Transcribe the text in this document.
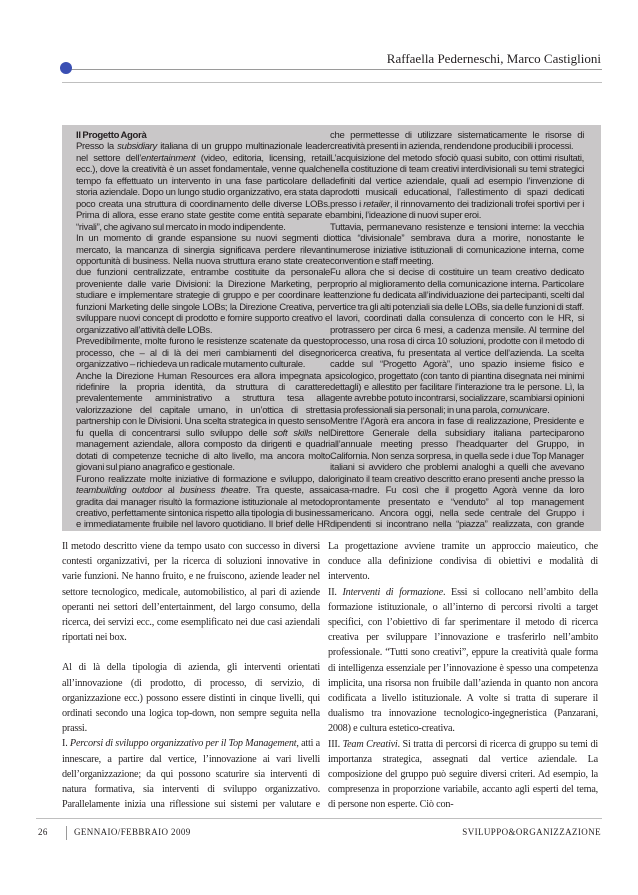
Raffaella Pederneschi, Marco Castiglioni

Il Progetto Agorà

Presso la subsidiary italiana di un gruppo multinazionale leader nel settore dell’entertainment (video, editoria, licensing, retail ecc.), dove la creatività è un asset fondamentale, venne qualche tempo fa effettuato un intervento in una fase particolare della storia aziendale. Dopo un lungo studio organizzativo, era stata da poco creata una struttura di coordinamento delle diverse LOBs. Prima di allora, esse erano state gestite come entità separate e “rivali”, che agivano sul mercato in modo indipendente.

In un momento di grande espansione su nuovi segmenti di mercato, la mancanza di sinergia significava perdere rilevanti opportunità di business. Nella nuova struttura erano state create due funzioni centralizzate, entrambe costituite da personale proveniente dalle varie Divisioni: la Direzione Marketing, per studiare e implementare strategie di gruppo e per coordinare le funzioni Marketing delle singole LOBs; la Direzione Creativa, per sviluppare nuovi concept di prodotto e fornire supporto creativo e organizzativo all’attività delle LOBs.

Prevedibilmente, molte furono le resistenze scatenate da questo processo, che – al di là dei meri cambiamenti del disegno organizzativo – richiedeva un radicale mutamento culturale.

Anche la Direzione Human Resources era allora impegnata a ridefinire la propria identità, da struttura di carattere prevalentemente amministrativo a struttura tesa alla valorizzazione del capitale umano, in un’ottica di stretta partnership con le Divisioni. Una scelta strategica in questo senso fu quella di concentrarsi sullo sviluppo delle soft skills nel management aziendale, allora composto da dirigenti e quadri dotati di competenze tecniche di alto livello, ma ancora molto giovani sul piano anagrafico e gestionale.

Furono realizzate molte iniziative di formazione e sviluppo, dal teambuilding outdoor al business theatre. Tra queste, assai gradita dai manager risultò la formazione istituzionale al metodo creativo, perfettamente sintonica rispetto alla tipologia di business e immediatamente fruibile nel lavoro quotidiano. Il brief delle HR

che permettesse di utilizzare sistematicamente le risorse di creatività presenti in azienda, rendendone producibili i processi.

L’acquisizione del metodo sfociò quasi subito, con ottimi risultati, nella costituzione di team creativi interdivisionali su temi strategici definiti dal vertice aziendale, quali ad esempio l’invenzione di prodotti musicali educational, l’allestimento di spazi dedicati presso i retailer, il rinnovamento dei tradizionali trofei sportivi per i bambini, l’ideazione di nuovi super eroi.

Tuttavia, permanevano resistenze e tensioni interne: la vecchia ottica “divisionale” sembrava dura a morire, nonostante le numerose iniziative istituzionali di comunicazione interna, come convention e staff meeting.

Fu allora che si decise di costituire un team creativo dedicato proprio al miglioramento della comunicazione interna. Particolare attenzione fu dedicata all’individuazione dei partecipanti, scelti dal vertice tra gli alti potenziali sia delle LOBs, sia delle funzioni di staff.

I lavori, coordinati dalla consulenza di concerto con le HR, si protrassero per circa 6 mesi, a cadenza mensile. Al termine del processo, una rosa di circa 10 soluzioni, prodotte con il metodo di ricerca creativa, fu presentata al vertice dell’azienda. La scelta cadde sul “Progetto Agorà”, uno spazio insieme fisico e psicologico, progettato (con tanto di piantina disegnata nei minimi dettagli) e allestito per facilitare l’interazione tra le persone. Lì, la gente avrebbe potuto incontrarsi, socializzare, scambiarsi opinioni sia professionali sia personali; in una parola, comunicare.

Mentre l’Agorà era ancora in fase di realizzazione, Presidente e Direttore Generale della subsidiary italiana parteciparono all’annuale meeting presso l’headquarter del Gruppo, in California. Non senza sorpresa, in quella sede i due Top Manager italiani si avvidero che problemi analoghi a quelli che avevano originato il team creativo descritto erano presenti anche presso la casa-madre. Fu così che il progetto Agorà venne da loro prontamente presentato e “venduto” al top management americano. Ancora oggi, nella sede centrale del Gruppo i dipendenti si incontrano nella “piazza” realizzata, con grande

Il metodo descritto viene da tempo usato con successo in diversi contesti organizzativi, per la ricerca di soluzioni innovative in varie funzioni. Ne hanno fruito, e ne fruiscono, aziende leader nel settore tecnologico, medicale, automobilistico, al pari di aziende operanti nei settori dell’entertainment, del largo consumo, della ricerca, dei servizi ecc., come esemplificato nei due casi aziendali riportati nei box.

Al di là della tipologia di azienda, gli interventi orientati all’innovazione (di prodotto, di processo, di servizio, di organizzazione ecc.) possono essere distinti in cinque livelli, qui ordinati secondo una logica top-down, non sempre seguita nella prassi.

I. Percorsi di sviluppo organizzativo per il Top Management, atti a innescare, a partire dal vertice, l’innovazione ai vari livelli dell’organizzazione; da qui possono scaturire sia interventi di natura formativa, sia interventi di sviluppo organizzativo. Parallelamente inizia una riflessione sui sistemi per valutare e

La progettazione avviene tramite un approccio maieutico, che conduce alla definizione condivisa di obiettivi e modalità di intervento.

II. Interventi di formazione. Essi si collocano nell’ambito della formazione istituzionale, o all’interno di percorsi rivolti a target specifici, con l’obiettivo di far sperimentare il metodo di ricerca creativa per sviluppare l’innovazione e trasferirlo nell’ambito professionale. “Tutti sono creativi”, eppure la creatività quale forma di intelligenza essenziale per l’innovazione è spesso una competenza implicita, una risorsa non fruibile dall’azienda in quanto non ancora codificata a livello istituzionale. A volte si tratta di superare il dualismo tra innovazione tecnologico-ingegneristica (Panzarani, 2008) e cultura estetico-creativa.

III. Team Creativi. Si tratta di percorsi di ricerca di gruppo su temi di importanza strategica, assegnati dal vertice aziendale. La composizione del gruppo può seguire diversi criteri. Ad esempio, la compresenza in proporzione variabile, accanto agli esperti del tema, di persone non esperte. Ciò con-

26	GENNAIO/FEBBRAIO 2009	SVILUPPO&ORGANIZZAZIONE
